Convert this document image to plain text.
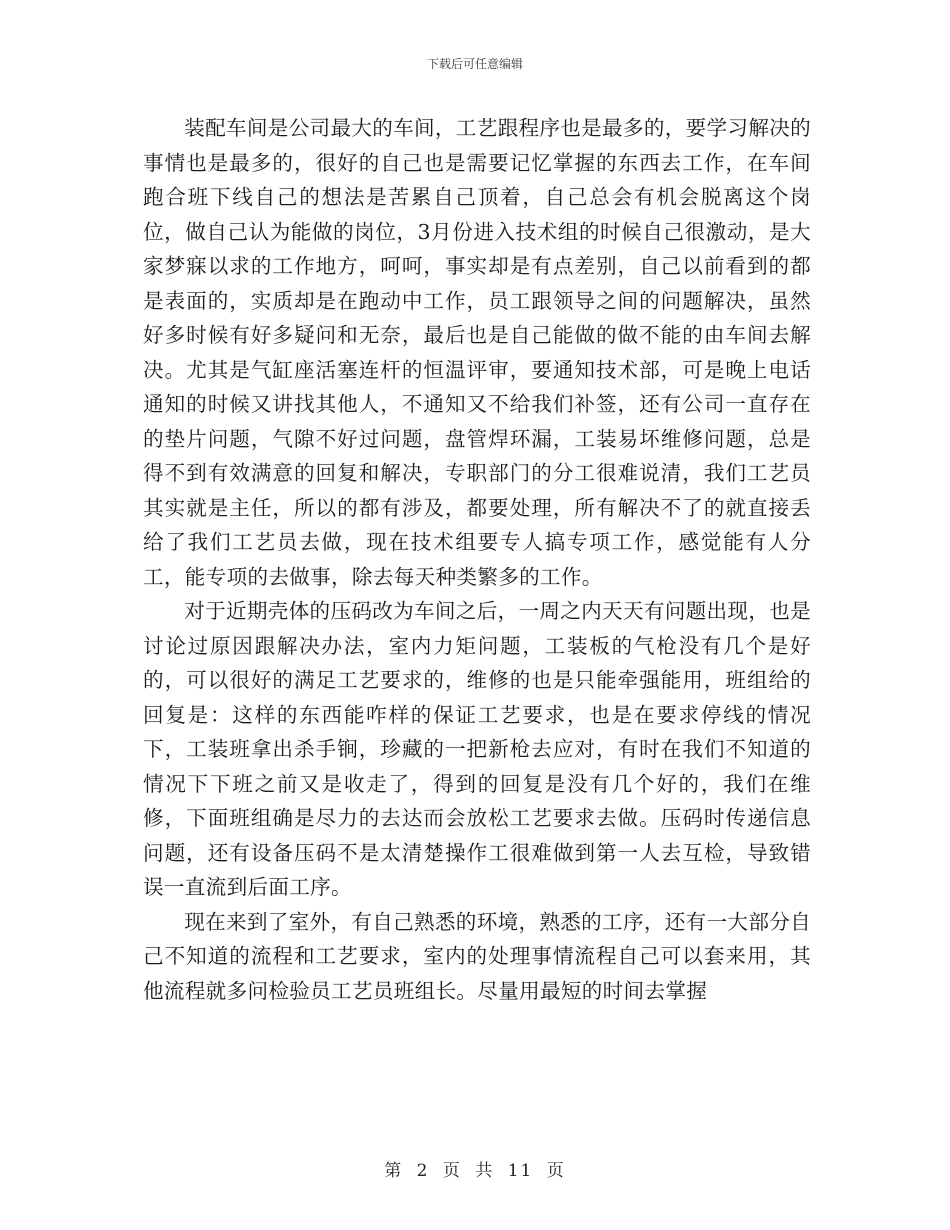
下载后可任意编辑

装配车间是公司最大的车间，工艺跟程序也是最多的，要学习解决的事情也是最多的，很好的自己也是需要记忆掌握的东西去工作，在车间跑合班下线自己的想法是苦累自己顶着，自己总会有机会脱离这个岗位，做自己认为能做的岗位，3月份进入技术组的时候自己很激动，是大家梦寐以求的工作地方，呵呵，事实却是有点差别，自己以前看到的都是表面的，实质却是在跑动中工作，员工跟领导之间的问题解决，虽然好多时候有好多疑问和无奈，最后也是自己能做的做不能的由车间去解决。尤其是气缸座活塞连杆的恒温评审，要通知技术部，可是晚上电话通知的时候又讲找其他人，不通知又不给我们补签，还有公司一直存在的垫片问题，气隙不好过问题，盘管焊环漏，工装易坏维修问题，总是得不到有效满意的回复和解决，专职部门的分工很难说清，我们工艺员其实就是主任，所以的都有涉及，都要处理，所有解决不了的就直接丢给了我们工艺员去做，现在技术组要专人搞专项工作，感觉能有人分工，能专项的去做事，除去每天种类繁多的工作。

对于近期壳体的压码改为车间之后，一周之内天天有问题出现，也是讨论过原因跟解决办法，室内力矩问题，工装板的气枪没有几个是好的，可以很好的满足工艺要求的，维修的也是只能牵强能用，班组给的回复是：这样的东西能咋样的保证工艺要求，也是在要求停线的情况下，工装班拿出杀手锏，珍藏的一把新枪去应对，有时在我们不知道的情况下下班之前又是收走了，得到的回复是没有几个好的，我们在维修，下面班组确是尽力的去达而会放松工艺要求去做。压码时传递信息问题，还有设备压码不是太清楚操作工很难做到第一人去互检，导致错误一直流到后面工序。

现在来到了室外，有自己熟悉的环境，熟悉的工序，还有一大部分自己不知道的流程和工艺要求，室内的处理事情流程自己可以套来用，其他流程就多问检验员工艺员班组长。尽量用最短的时间去掌握

第 2 页 共 11 页
